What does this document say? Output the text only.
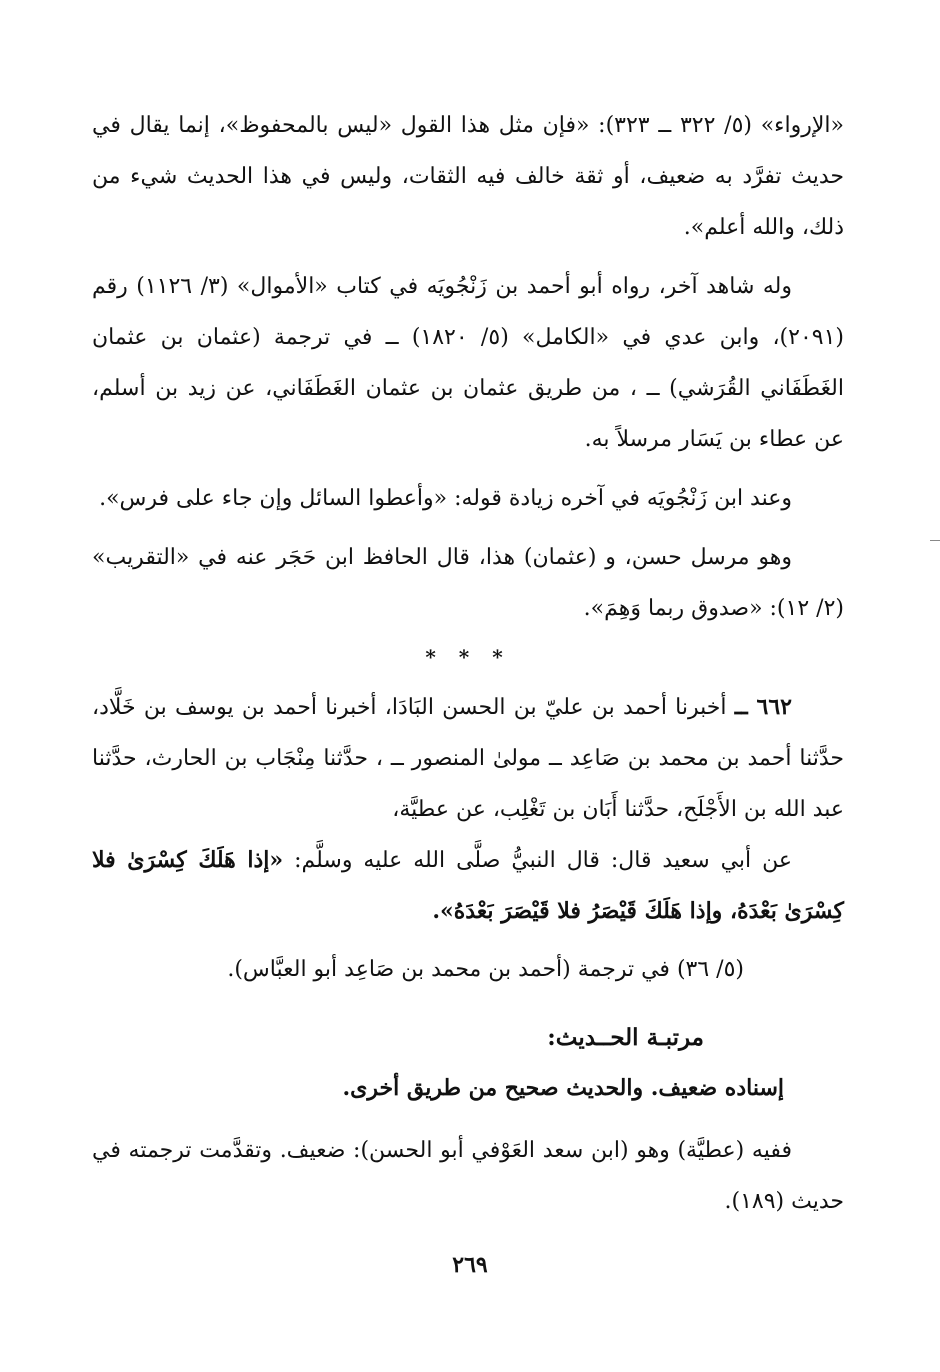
«الإرواء» (٥/ ٣٢٢ ــ ٣٢٣): «فإن مثل هذا القول «ليس بالمحفوظ»، إنما يقال في حديث تفرَّد به ضعيف، أو ثقة خالف فيه الثقات، وليس في هذا الحديث شيء من ذلك، والله أعلم».

وله شاهد آخر، رواه أبو أحمد بن زَنْجُويَه في كتاب «الأموال» (٣/ ١١٢٦) رقم (٢٠٩١)، وابن عدي في «الكامل» (٥/ ١٨٢٠) ــ في ترجمة (عثمان بن عثمان الغَطَفَاني القُرَشي) ــ ، من طريق عثمان بن عثمان الغَطَفَاني، عن زيد بن أسلم، عن عطاء بن يَسَار مرسلاً به.

وعند ابن زَنْجُويَه في آخره زيادة قوله: «وأعطوا السائل وإن جاء على فرس».

وهو مرسل حسن، و (عثمان) هذا، قال الحافظ ابن حَجَر عنه في «التقريب» (٢/ ١٢): «صدوق ربما وَهِمَ».

* * *

٦٦٢ ــ أخبرنا أحمد بن عليّ بن الحسن البَادَا، أخبرنا أحمد بن يوسف بن خَلَّاد، حدَّثنا أحمد بن محمد بن صَاعِد ــ مولىٰ المنصور ــ ، حدَّثنا مِنْجَاب بن الحارث، حدَّثنا عبد الله بن الأَجْلَح، حدَّثنا أَبَان بن تَغْلِب، عن عطيَّة،

عن أبي سعيد قال: قال النبيُّ صلَّى الله عليه وسلَّم: «إذا هَلَكَ كِسْرَىٰ فلا كِسْرَىٰ بَعْدَهُ، وإذا هَلَكَ قَيْصَرُ فلا قَيْصَرَ بَعْدَهُ».

(٥/ ٣٦) في ترجمة (أحمد بن محمد بن صَاعِد أبو العبَّاس).

مرتبـة الحــديث:
إسناده ضعيف. والحديث صحيح من طريق أخرى.

ففيه (عطيَّة) وهو (ابن سعد العَوْفي أبو الحسن): ضعيف. وتقدَّمت ترجمته في حديث (١٨٩).

٢٦٩
